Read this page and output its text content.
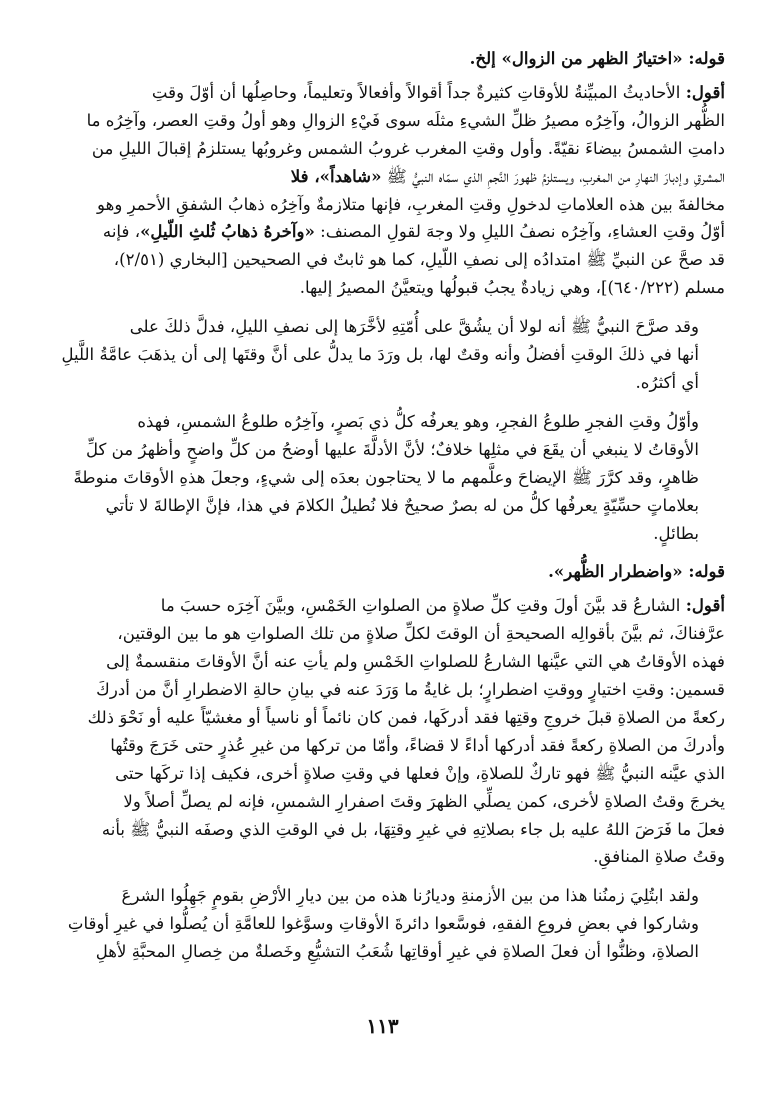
قوله: «اختيارُ الظهر من الزوال» إلخ.
أقول: الأحاديثُ المبيِّنةُ للأوقاتِ كثيرةٌ جداً أقوالاً وأفعالاً وتعليماً، وحاصِلُها أن أوّلَ وقتِ
الظُّهر الزوالُ، وآخِرُه مصيرُ ظلِّ الشيءِ مثلَه سوى فَيْءِ الزوالِ وهو أولُ وقتِ العصر، وآخِرُه ما
دامتِ الشمسُ بيضاءَ نقيّةً. وأول وقتِ المغرب غروبُ الشمس وغروبُها يستلزمُ إقبالَ الليلِ من
المشرقِ وإدبارَ النهارِ من المغربِ، ويستلزمُ ظهورَ النَّجمِ الذي سمّاه النبيُّ ﷺ «شاهداً»، فلا
مخالفةَ بين هذه العلاماتِ لدخولِ وقتِ المغربِ، فإنها متلازمةٌ وآخِرُه ذهابُ الشفقِ الأحمرِ وهو
أوّلُ وقتِ العشاءِ، وآخِرُه نصفُ الليلِ ولا وجهَ لقولِ المصنف: «وآخرهُ ذهابُ ثُلثِ اللّيلِ»، فإنه
قد صحَّ عن النبيِّ ﷺ امتدادُه إلى نصفِ اللّيلِ، كما هو ثابتٌ في الصحيحين [البخاري (٢/٥١)،
مسلم (٦٤٠/٢٢٢)]، وهي زيادةٌ يجبُ قبولُها ويتعيَّنُ المصيرُ إليها.
وقد صرَّحَ النبيُّ ﷺ أنه لولا أن يشُقَّ على أُمّتِهِ لأخَّرَها إلى نصفِ الليلِ، فدلَّ ذلكَ على
أنها في ذلكَ الوقتِ أفضلُ وأنه وقتٌ لها، بل ورَدَ ما يدلُّ على أنَّ وقتَها إلى أن يذهَبَ عامَّةُ اللَّيلِ
أي أكثرُه.
وأوّلُ وقتِ الفجرِ طلوعُ الفجرِ، وهو يعرفُه كلُّ ذي بَصرٍ، وآخِرُه طلوعُ الشمسِ، فهذه
الأوقاتُ لا ينبغي أن يقَعَ في مثلِها خلافٌ؛ لأنَّ الأدلَّةَ عليها أوضحُ من كلِّ واضحٍ وأظهرُ من كلِّ
ظاهرٍ، وقد كرَّرَ ﷺ الإيضاحَ وعلَّمهم ما لا يحتاجون بعدَه إلى شيءٍ، وجعلَ هذهِ الأوقاتَ منوطةً
بعلاماتٍ حسِّيّةٍ يعرفُها كلُّ من له بصرٌ صحيحٌ فلا نُطيلُ الكلامَ في هذا، فإنَّ الإطالةَ لا تأتي
بطائلٍ.
قوله: «واضطرار الظُّهر».
أقول: الشارعُ قد بيَّنَ أولَ وقتِ كلِّ صلاةٍ من الصلواتِ الخَمْسِ، وبيَّنَ آخِرَه حسبَ ما
عرَّفناكَ، ثم بيَّنَ بأقوالِه الصحيحةِ أن الوقتَ لكلِّ صلاةٍ من تلك الصلواتِ هو ما بين الوقتين،
فهذه الأوقاتُ هي التي عيَّنها الشارعُ للصلواتِ الخَمْسِ ولم يأتِ عنه أنَّ الأوقاتَ منقسمةٌ إلى
قسمين: وقتِ اختيارٍ ووقتِ اضطرارٍ؛ بل غايةُ ما وَرَدَ عنه في بيانِ حالةِ الاضطرارِ أنَّ من أدركَ
ركعةً من الصلاةِ قبلَ خروجِ وقتِها فقد أدركَها، فمن كان نائماً أو ناسياً أو مغشيّاً عليه أو نَحْوَ ذلك
وأدركَ من الصلاةِ ركعةً فقد أدركها أداءً لا قضاءً، وأمّا من تركها من غيرِ عُذرٍ حتى خَرَجَ وقتُها
الذي عيَّنه النبيُّ ﷺ فهو تاركٌ للصلاةِ، وإنْ فعلها في وقتِ صلاةٍ أخرى، فكيف إذا تركَها حتى
يخرجَ وقتُ الصلاةِ لأخرى، كمن يصلِّي الظهرَ وقتَ اصفرارِ الشمسِ، فإنه لم يصلِّ أصلاً ولا
فعلَ ما فَرَضَ اللهُ عليه بل جاء بصلاتِهِ في غيرِ وقتِهَا، بل في الوقتِ الذي وصفَه النبيُّ ﷺ بأنه
وقتُ صلاةِ المنافقِ.
ولقد ابتُلِيَ زمنُنا هذا من بين الأزمنةِ وديارُنا هذه من بين ديارِ الأرْضِ بقومٍ جَهِلُوا الشرعَ
وشاركوا في بعضِ فروعِ الفقهِ، فوسَّعوا دائرةَ الأوقاتِ وسوَّغوا للعامَّةِ أن يُصلُّوا في غيرِ أوقاتِ
الصلاةِ، وظنُّوا أن فعلَ الصلاةِ في غيرِ أوقاتِها شُعَبُ التشيُّعِ وخَصلةٌ من خِصالِ المحبَّةِ لأهلِ
١١٣
